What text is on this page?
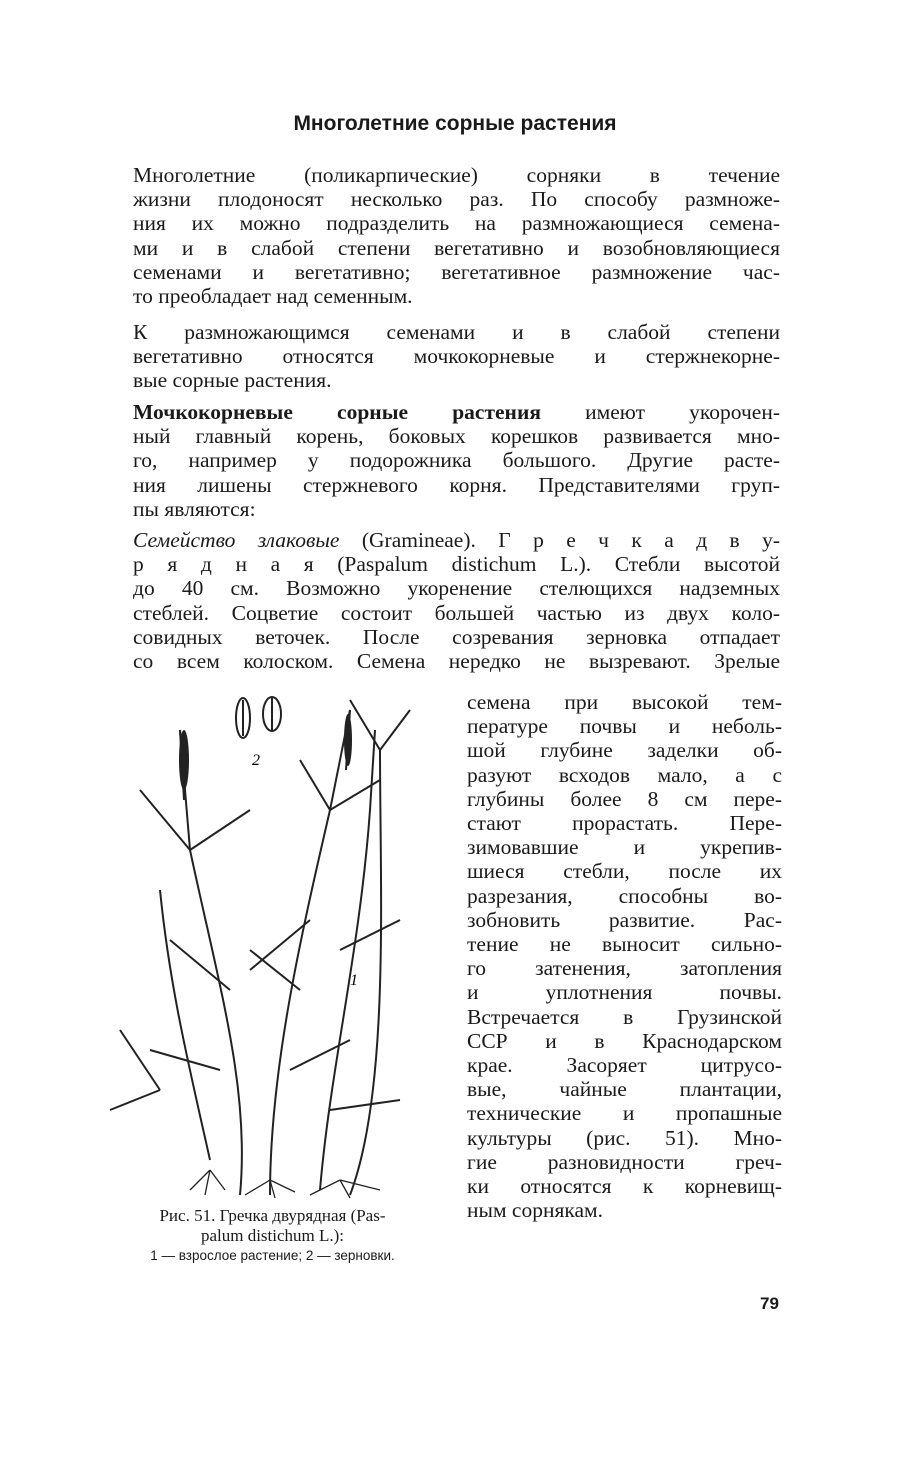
Многолетние сорные растения
Многолетние (поликарпические) сорняки в течение
жизни плодоносят несколько раз. По способу размноже-
ния их можно подразделить на размножающиеся семена-
ми и в слабой степени вегетативно и возобновляющиеся
семенами и вегетативно; вегетативное размножение час-
то преобладает над семенным.
К размножающимся семенами и в слабой степени
вегетативно относятся мочкокорневые и стержнекорне-
вые сорные растения.
Мочкокорневые сорные растения имеют укорочен-
ный главный корень, боковых корешков развивается мно-
го, например у подорожника большого. Другие расте-
ния лишены стержневого корня. Представителями груп-
пы являются:
Семейство злаковые (Gramineae). Г р е ч к а д в у-
р я д н а я (Paspalum distichum L.). Стебли высотой
до 40 см. Возможно укоренение стелющихся надземных
стеблей. Соцветие состоит большей частью из двух коло-
совидных веточек. После созревания зерновка отпадает
со всем колоском. Семена нередко не вызревают. Зрелые
семена при высокой тем-
пературе почвы и неболь-
шой глубине заделки об-
разуют всходов мало, а с
глубины более 8 см пере-
стают прорастать. Пере-
зимовавшие и укрепив-
шиеся стебли, после их
разрезания, способны во-
зобновить развитие. Рас-
тение не выносит сильно-
го затенения, затопления
и уплотнения почвы.
Встречается в Грузинской
ССР и в Краснодарском
крае. Засоряет цитрусо-
вые, чайные плантации,
технические и пропашные
культуры (рис. 51). Мно-
гие разновидности греч-
ки относятся к корневищ-
ным сорнякам.
2
1
Рис. 51. Гречка двурядная (Pas-
palum distichum L.):
1 — взрослое растение; 2 — зерновки.
79
